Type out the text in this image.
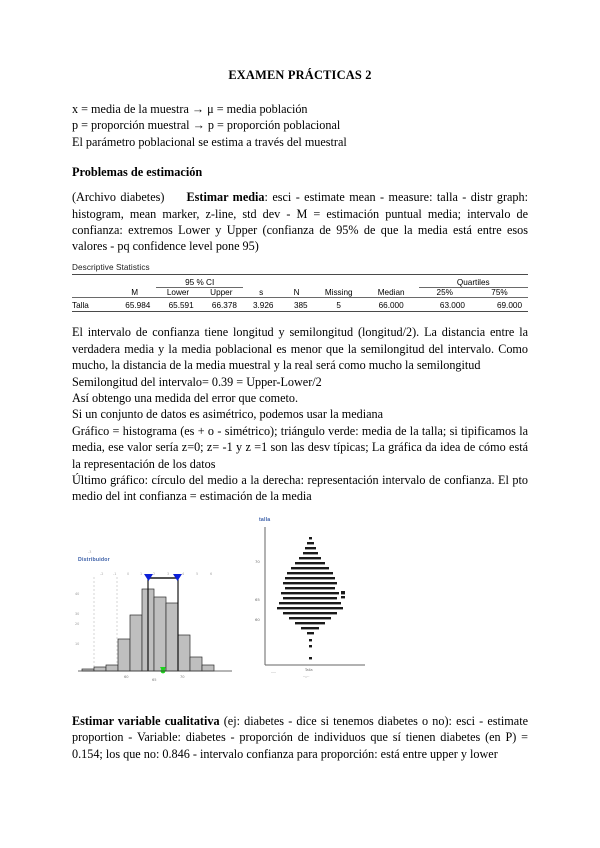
EXAMEN PRÁCTICAS 2
x = media de la muestra → μ = media población
p = proporción muestral → p = proporción poblacional
El parámetro poblacional se estima a través del muestral
Problemas de estimación
(Archivo diabetes) Estimar media: esci - estimate mean - measure: talla - distr graph: histogram, mean marker, z-line, std dev - M = estimación puntual media; intervalo de confianza: extremos Lower y Upper (confianza de 95% de que la media está entre esos valores - pq confidence level pone 95)
Descriptive Statistics

		95 % CI						Quartiles	
	M	Lower	Upper	s	N	Missing	Median	25%	75%

Talla	65.984	65.591	66.378	3.926	385	5	66.000	63.000	69.000

El intervalo de confianza tiene longitud y semilongitud (longitud/2). La distancia entre la verdadera media y la media poblacional es menor que la semilongitud del intervalo. Como mucho, la distancia de la media muestral y la real será como mucho la semilongitud
Semilongitud del intervalo= 0.39 = Upper-Lower/2
Así obtengo una medida del error que cometo.
Si un conjunto de datos es asimétrico, podemos usar la mediana
Gráfico = histograma (es + o - simétrico); triángulo verde: media de la talla; si tipificamos la media, ese valor sería z=0; z= -1 y z =1 son las desv típicas; La gráfica da idea de cómo está la representación de los datos
Último gráfico: círculo del medio a la derecha: representación intervalo de confianza. El pto medio del int confianza = estimación de la media
Distribuidor
40
30
20
10
-3
-2	-1	0	1	2	3	4	5	6
60
65
70
talla
70
65
60
.....	Talla
..,,..
Estimar variable cualitativa (ej: diabetes - dice si tenemos diabetes o no): esci - estimate proportion - Variable: diabetes - proporción de individuos que sí tienen diabetes (en P) = 0.154; los que no: 0.846 - intervalo confianza para proporción: está entre upper y lower
